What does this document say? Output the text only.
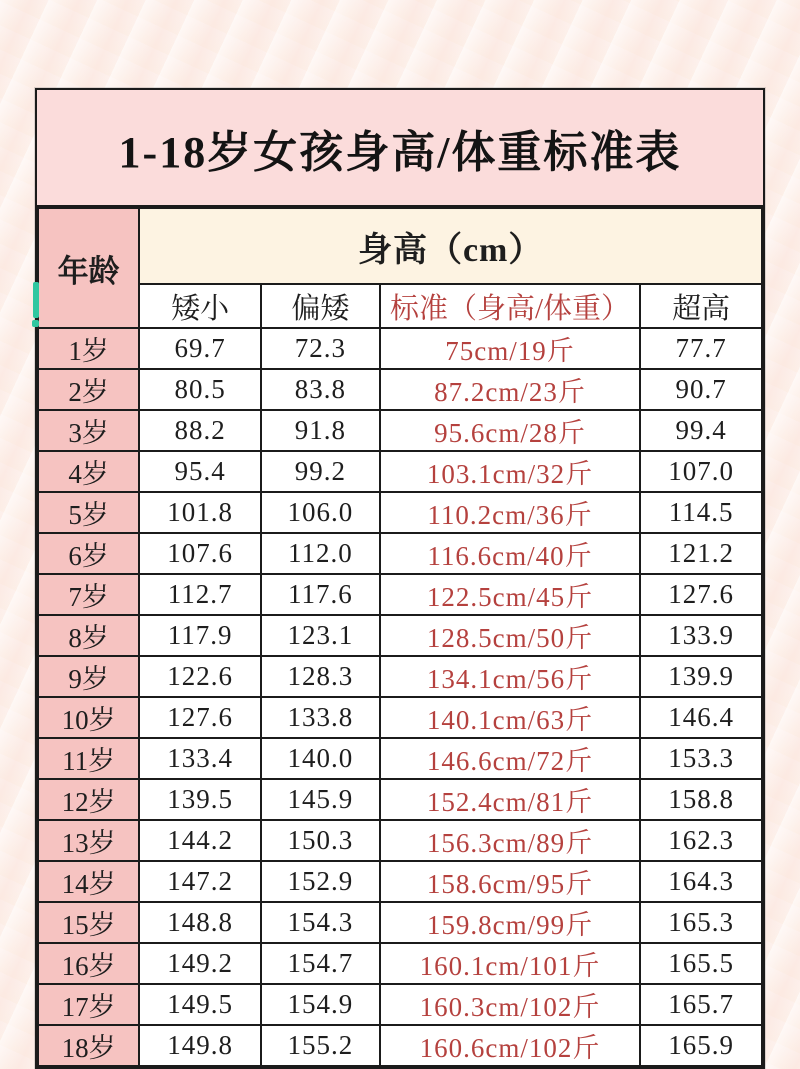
1-18岁女孩身高/体重标准表
年龄	身高（cm）			
	矮小	偏矮	标准（身高/体重）	超高
1岁	69.7	72.3	75cm/19斤	77.7
2岁	80.5	83.8	87.2cm/23斤	90.7
3岁	88.2	91.8	95.6cm/28斤	99.4
4岁	95.4	99.2	103.1cm/32斤	107.0
5岁	101.8	106.0	110.2cm/36斤	114.5
6岁	107.6	112.0	116.6cm/40斤	121.2
7岁	112.7	117.6	122.5cm/45斤	127.6
8岁	117.9	123.1	128.5cm/50斤	133.9
9岁	122.6	128.3	134.1cm/56斤	139.9
10岁	127.6	133.8	140.1cm/63斤	146.4
11岁	133.4	140.0	146.6cm/72斤	153.3
12岁	139.5	145.9	152.4cm/81斤	158.8
13岁	144.2	150.3	156.3cm/89斤	162.3
14岁	147.2	152.9	158.6cm/95斤	164.3
15岁	148.8	154.3	159.8cm/99斤	165.3
16岁	149.2	154.7	160.1cm/101斤	165.5
17岁	149.5	154.9	160.3cm/102斤	165.7
18岁	149.8	155.2	160.6cm/102斤	165.9
